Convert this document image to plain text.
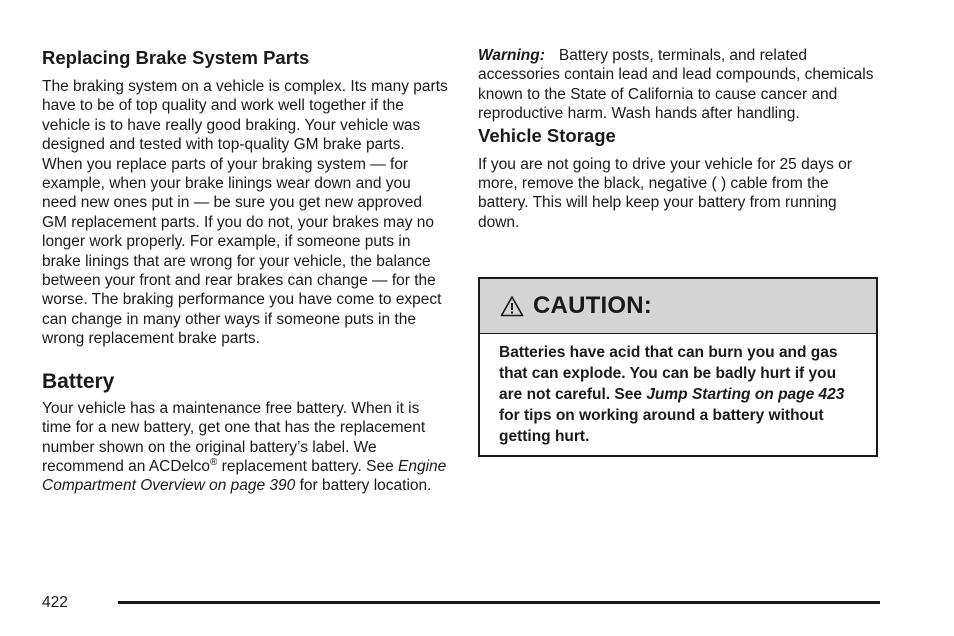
Replacing Brake System Parts

The braking system on a vehicle is complex. Its many parts have to be of top quality and work well together if the vehicle is to have really good braking. Your vehicle was designed and tested with top-quality GM brake parts. When you replace parts of your braking system — for example, when your brake linings wear down and you need new ones put in — be sure you get new approved GM replacement parts. If you do not, your brakes may no longer work properly. For example, if someone puts in brake linings that are wrong for your vehicle, the balance between your front and rear brakes can change — for the worse. The braking performance you have come to expect can change in many other ways if someone puts in the wrong replacement brake parts.

Battery

Your vehicle has a maintenance free battery. When it is time for a new battery, get one that has the replacement number shown on the original battery’s label. We recommend an ACDelco® replacement battery. See Engine Compartment Overview on page 390 for battery location.

Warning: Battery posts, terminals, and related accessories contain lead and lead compounds, chemicals known to the State of California to cause cancer and reproductive harm. Wash hands after handling.

Vehicle Storage

If you are not going to drive your vehicle for 25 days or more, remove the black, negative ( ) cable from the battery. This will help keep your battery from running down.

CAUTION:
Batteries have acid that can burn you and gas that can explode. You can be badly hurt if you are not careful. See Jump Starting on page 423 for tips on working around a battery without getting hurt.
422
